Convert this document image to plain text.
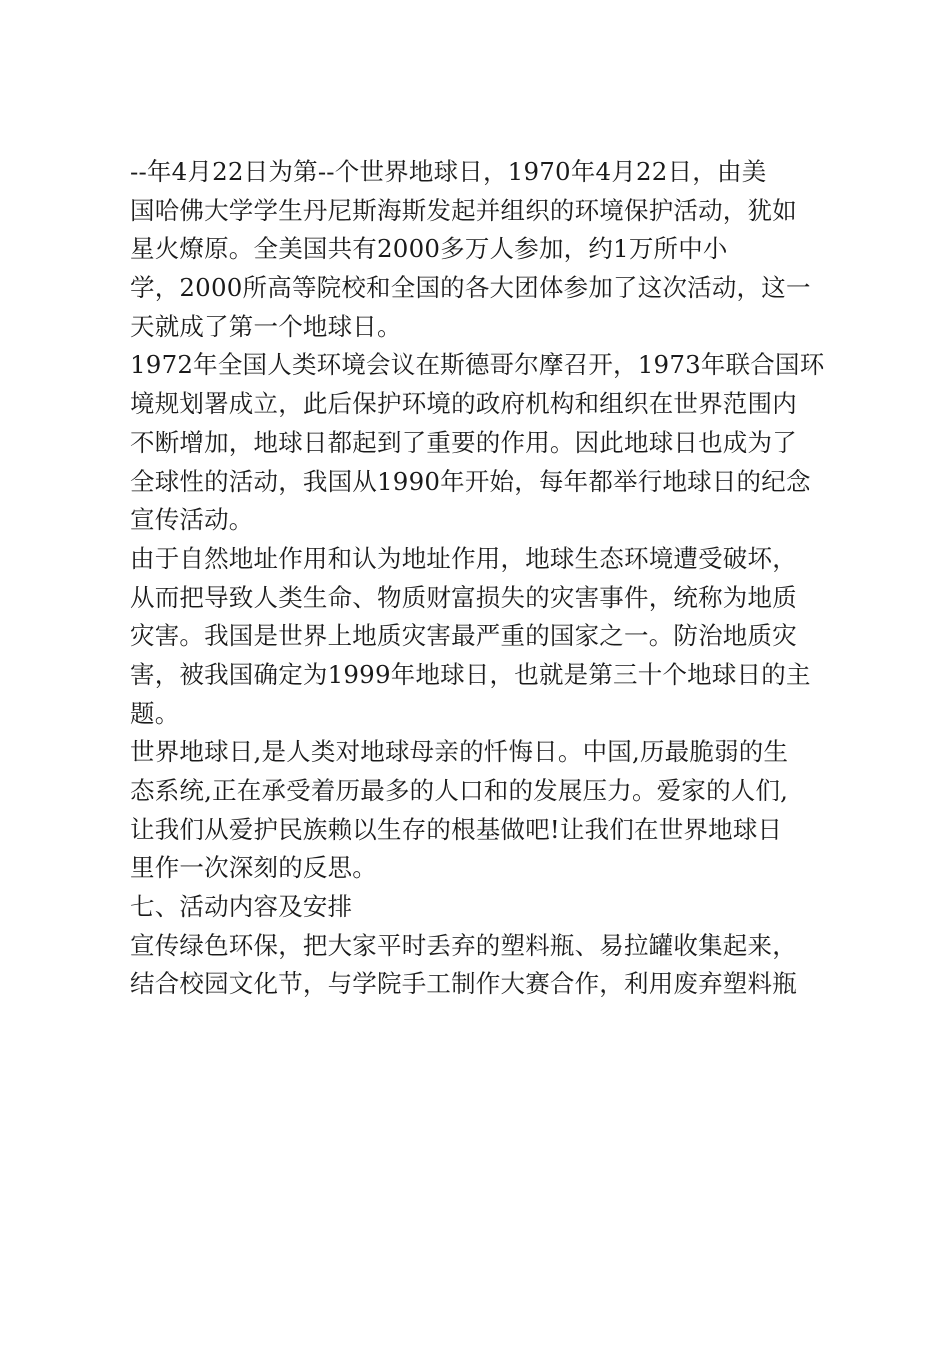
--年4月22日为第--个世界地球日，1970年4月22日，由美
国哈佛大学学生丹尼斯海斯发起并组织的环境保护活动，犹如
星火燎原。全美国共有2000多万人参加，约1万所中小
学，2000所高等院校和全国的各大团体参加了这次活动，这一
天就成了第一个地球日。
1972年全国人类环境会议在斯德哥尔摩召开，1973年联合国环
境规划署成立，此后保护环境的政府机构和组织在世界范围内
不断增加，地球日都起到了重要的作用。因此地球日也成为了
全球性的活动，我国从1990年开始，每年都举行地球日的纪念
宣传活动。
由于自然地址作用和认为地址作用，地球生态环境遭受破坏，
从而把导致人类生命、物质财富损失的灾害事件，统称为地质
灾害。我国是世界上地质灾害最严重的国家之一。防治地质灾
害，被我国确定为1999年地球日，也就是第三十个地球日的主
题。
世界地球日,是人类对地球母亲的忏悔日。中国,历最脆弱的生
态系统,正在承受着历最多的人口和的发展压力。爱家的人们,
让我们从爱护民族赖以生存的根基做吧!让我们在世界地球日
里作一次深刻的反思。
七、活动内容及安排
宣传绿色环保，把大家平时丢弃的塑料瓶、易拉罐收集起来，
结合校园文化节，与学院手工制作大赛合作，利用废弃塑料瓶
